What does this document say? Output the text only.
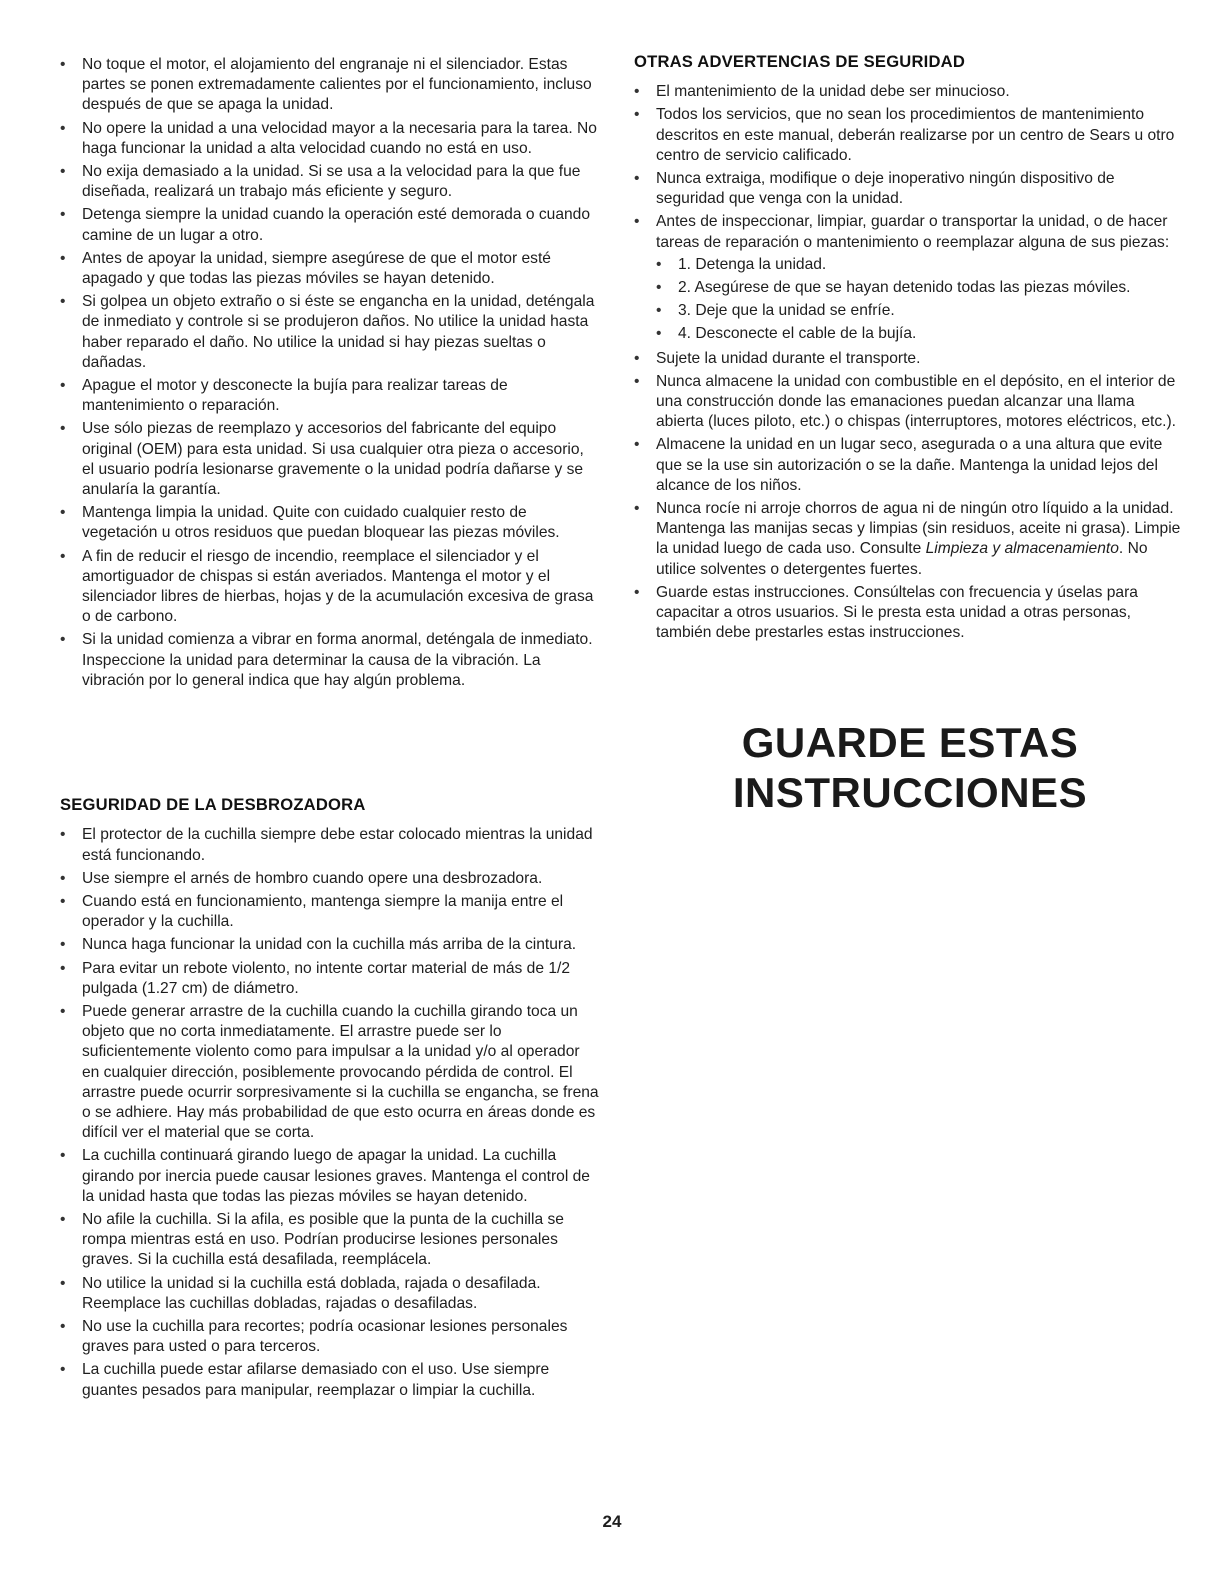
• No toque el motor, el alojamiento del engranaje ni el silenciador. Estas partes se ponen extremadamente calientes por el funcionamiento, incluso después de que se apaga la unidad.
• No opere la unidad a una velocidad mayor a la necesaria para la tarea. No haga funcionar la unidad a alta velocidad cuando no está en uso.
• No exija demasiado a la unidad. Si se usa a la velocidad para la que fue diseñada, realizará un trabajo más eficiente y seguro.
• Detenga siempre la unidad cuando la operación esté demorada o cuando camine de un lugar a otro.
• Antes de apoyar la unidad, siempre asegúrese de que el motor esté apagado y que todas las piezas móviles se hayan detenido.
• Si golpea un objeto extraño o si éste se engancha en la unidad, deténgala de inmediato y controle si se produjeron daños. No utilice la unidad hasta haber reparado el daño. No utilice la unidad si hay piezas sueltas o dañadas.
• Apague el motor y desconecte la bujía para realizar tareas de mantenimiento o reparación.
• Use sólo piezas de reemplazo y accesorios del fabricante del equipo original (OEM) para esta unidad. Si usa cualquier otra pieza o accesorio, el usuario podría lesionarse gravemente o la unidad podría dañarse y se anularía la garantía.
• Mantenga limpia la unidad. Quite con cuidado cualquier resto de vegetación u otros residuos que puedan bloquear las piezas móviles.
• A fin de reducir el riesgo de incendio, reemplace el silenciador y el amortiguador de chispas si están averiados. Mantenga el motor y el silenciador libres de hierbas, hojas y de la acumulación excesiva de grasa o de carbono.
• Si la unidad comienza a vibrar en forma anormal, deténgala de inmediato. Inspeccione la unidad para determinar la causa de la vibración. La vibración por lo general indica que hay algún problema.
SEGURIDAD DE LA DESBROZADORA
• El protector de la cuchilla siempre debe estar colocado mientras la unidad está funcionando.
• Use siempre el arnés de hombro cuando opere una desbrozadora.
• Cuando está en funcionamiento, mantenga siempre la manija entre el operador y la cuchilla.
• Nunca haga funcionar la unidad con la cuchilla más arriba de la cintura.
• Para evitar un rebote violento, no intente cortar material de más de 1/2 pulgada (1.27 cm) de diámetro.
• Puede generar arrastre de la cuchilla cuando la cuchilla girando toca un objeto que no corta inmediatamente. El arrastre puede ser lo suficientemente violento como para impulsar a la unidad y/o al operador en cualquier dirección, posiblemente provocando pérdida de control. El arrastre puede ocurrir sorpresivamente si la cuchilla se engancha, se frena o se adhiere. Hay más probabilidad de que esto ocurra en áreas donde es difícil ver el material que se corta.
• La cuchilla continuará girando luego de apagar la unidad. La cuchilla girando por inercia puede causar lesiones graves. Mantenga el control de la unidad hasta que todas las piezas móviles se hayan detenido.
• No afile la cuchilla. Si la afila, es posible que la punta de la cuchilla se rompa mientras está en uso. Podrían producirse lesiones personales graves. Si la cuchilla está desafilada, reemplácela.
• No utilice la unidad si la cuchilla está doblada, rajada o desafilada. Reemplace las cuchillas dobladas, rajadas o desafiladas.
• No use la cuchilla para recortes; podría ocasionar lesiones personales graves para usted o para terceros.
• La cuchilla puede estar afilarse demasiado con el uso. Use siempre guantes pesados para manipular, reemplazar o limpiar la cuchilla.
OTRAS ADVERTENCIAS DE SEGURIDAD
• El mantenimiento de la unidad debe ser minucioso.
• Todos los servicios, que no sean los procedimientos de mantenimiento descritos en este manual, deberán realizarse por un centro de Sears u otro centro de servicio calificado.
• Nunca extraiga, modifique o deje inoperativo ningún dispositivo de seguridad que venga con la unidad.
• Antes de inspeccionar, limpiar, guardar o transportar la unidad, o de hacer tareas de reparación o mantenimiento o reemplazar alguna de sus piezas:
• 1. Detenga la unidad.
• 2. Asegúrese de que se hayan detenido todas las piezas móviles.
• 3. Deje que la unidad se enfríe.
• 4. Desconecte el cable de la bujía.
• Sujete la unidad durante el transporte.
• Nunca almacene la unidad con combustible en el depósito, en el interior de una construcción donde las emanaciones puedan alcanzar una llama abierta (luces piloto, etc.) o chispas (interruptores, motores eléctricos, etc.).
• Almacene la unidad en un lugar seco, asegurada o a una altura que evite que se la use sin autorización o se la dañe. Mantenga la unidad lejos del alcance de los niños.
• Nunca rocíe ni arroje chorros de agua ni de ningún otro líquido a la unidad. Mantenga las manijas secas y limpias (sin residuos, aceite ni grasa). Limpie la unidad luego de cada uso. Consulte Limpieza y almacenamiento. No utilice solventes o detergentes fuertes.
• Guarde estas instrucciones. Consúltelas con frecuencia y úselas para capacitar a otros usuarios. Si le presta esta unidad a otras personas, también debe prestarles estas instrucciones.
GUARDE ESTAS
INSTRUCCIONES
24
